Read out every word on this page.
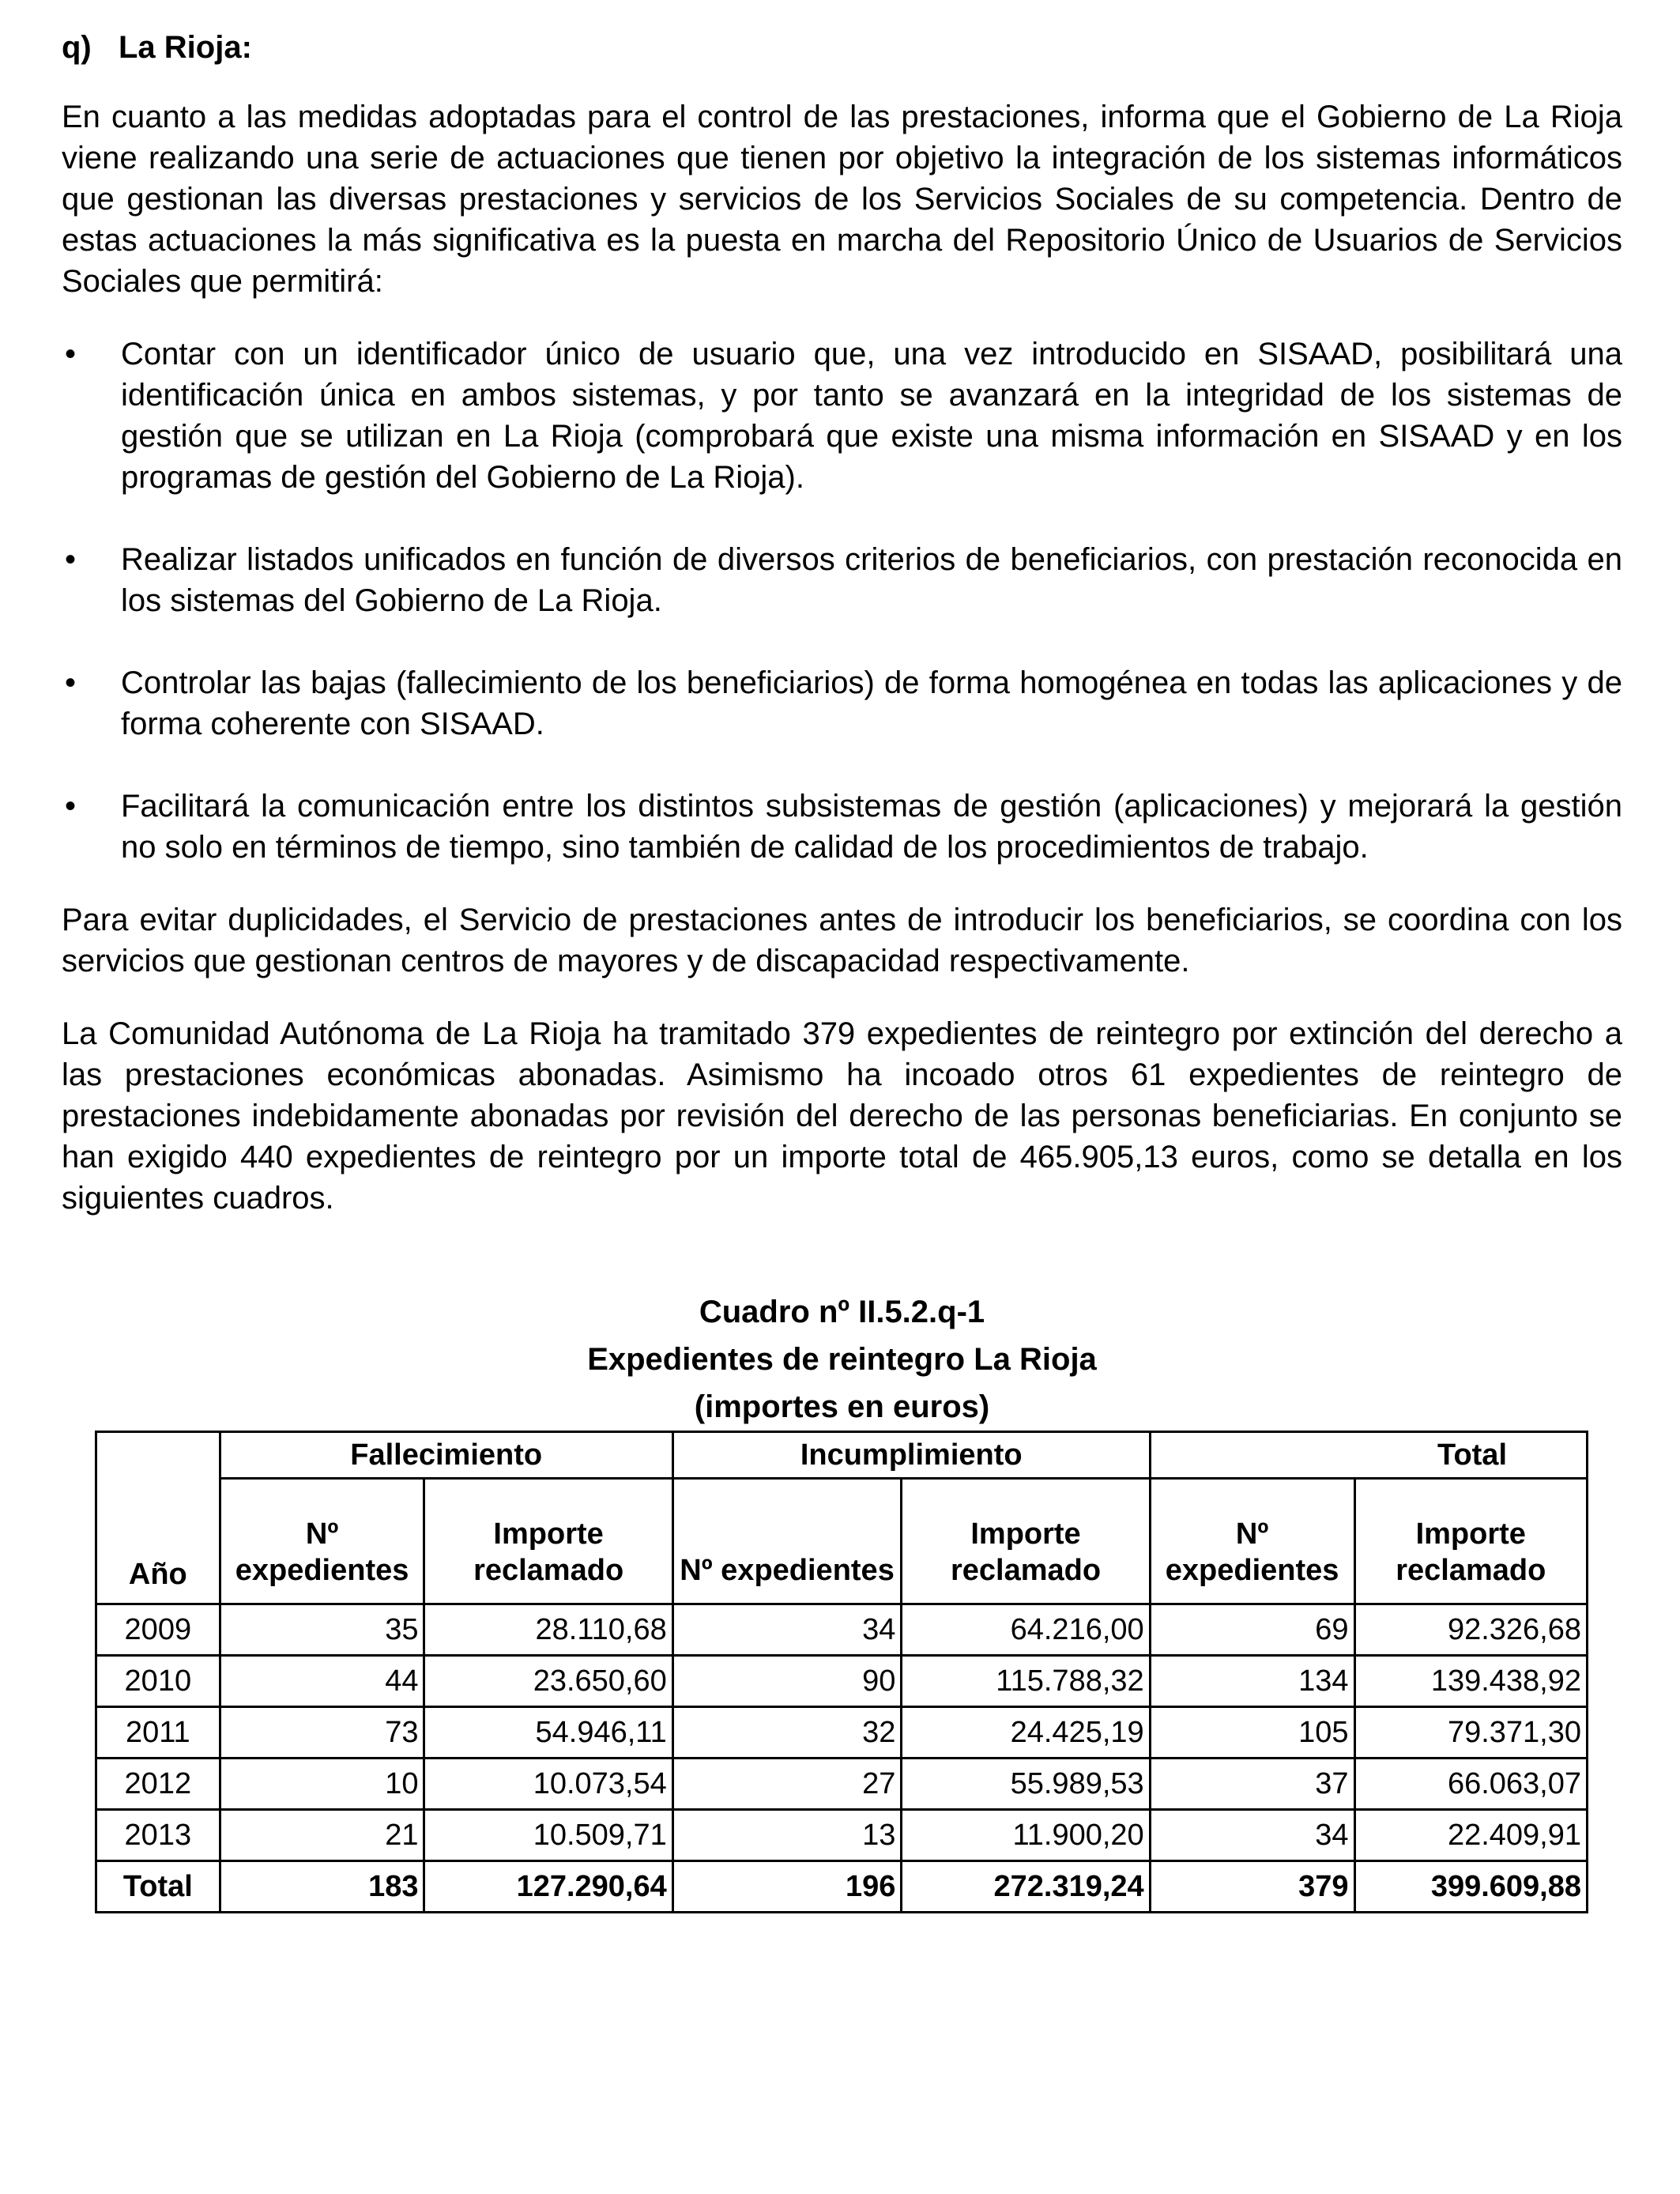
q) La Rioja:

En cuanto a las medidas adoptadas para el control de las prestaciones, informa que el Gobierno de La Rioja viene realizando una serie de actuaciones que tienen por objetivo la integración de los sistemas informáticos que gestionan las diversas prestaciones y servicios de los Servicios Sociales de su competencia. Dentro de estas actuaciones la más significativa es la puesta en marcha del Repositorio Único de Usuarios de Servicios Sociales que permitirá:

• Contar con un identificador único de usuario que, una vez introducido en SISAAD, posibilitará una identificación única en ambos sistemas, y por tanto se avanzará en la integridad de los sistemas de gestión que se utilizan en La Rioja (comprobará que existe una misma información en SISAAD y en los programas de gestión del Gobierno de La Rioja).
• Realizar listados unificados en función de diversos criterios de beneficiarios, con prestación reconocida en los sistemas del Gobierno de La Rioja.
• Controlar las bajas (fallecimiento de los beneficiarios) de forma homogénea en todas las aplicaciones y de forma coherente con SISAAD.
• Facilitará la comunicación entre los distintos subsistemas de gestión (aplicaciones) y mejorará la gestión no solo en términos de tiempo, sino también de calidad de los procedimientos de trabajo.

Para evitar duplicidades, el Servicio de prestaciones antes de introducir los beneficiarios, se coordina con los servicios que gestionan centros de mayores y de discapacidad respectivamente.

La Comunidad Autónoma de La Rioja ha tramitado 379 expedientes de reintegro por extinción del derecho a las prestaciones económicas abonadas. Asimismo ha incoado otros 61 expedientes de reintegro de prestaciones indebidamente abonadas por revisión del derecho de las personas beneficiarias. En conjunto se han exigido 440 expedientes de reintegro por un importe total de 465.905,13 euros, como se detalla en los siguientes cuadros.

Cuadro nº II.5.2.q-1
Expedientes de reintegro La Rioja
(importes en euros)
Año	Fallecimiento		Incumplimiento		Total	
	Nº expedientes	Importe reclamado	Nº expedientes	Importe reclamado	Nº expedientes	Importe reclamado
2009	35	28.110,68	34	64.216,00	69	92.326,68
2010	44	23.650,60	90	115.788,32	134	139.438,92
2011	73	54.946,11	32	24.425,19	105	79.371,30
2012	10	10.073,54	27	55.989,53	37	66.063,07
2013	21	10.509,71	13	11.900,20	34	22.409,91
Total	183	127.290,64	196	272.319,24	379	399.609,88
